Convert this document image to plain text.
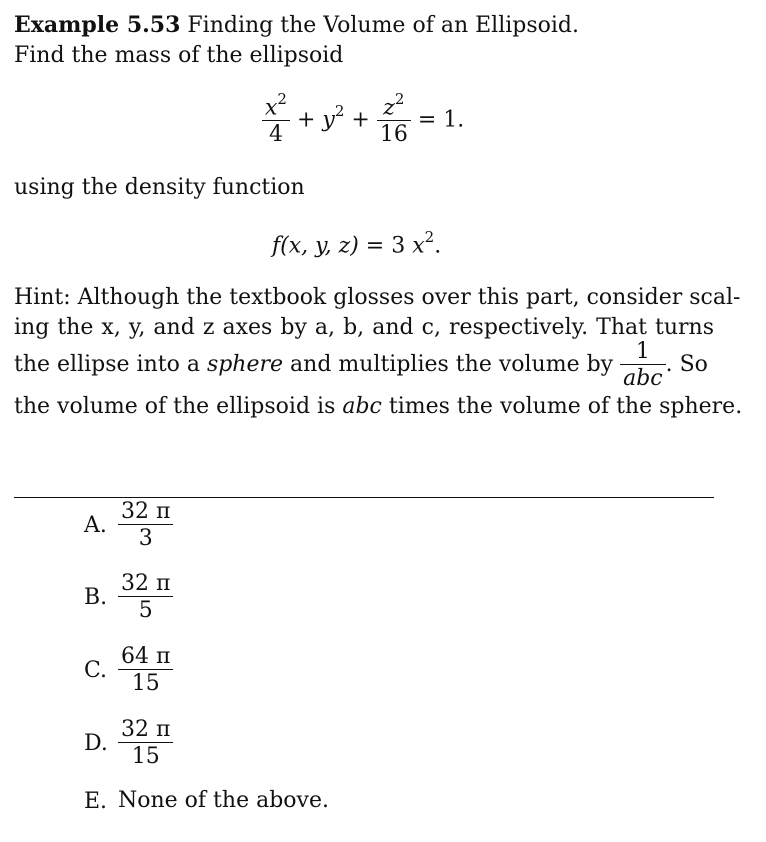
Example 5.53 Finding the Volume of an Ellipsoid.
Find the mass of the ellipsoid
$\frac{x^2}{4} + y^2 + \frac{z^2}{16} = 1$.
using the density function
f(x, y, z) = 3 $x^2$.
Hint: Although the textbook glosses over this part, consider scal-
ing the x, y, and z axes by a, b, and c, respectively. That turns
the ellipse into a sphere and multiplies the volume by $\frac{1}{\text{abc}}$ . So
the volume of the ellipsoid is abc times the volume of the sphere.
A. $\frac{32 \pi}{3}$
B. $\frac{32 \pi}{5}$
C. $\frac{64 \pi}{15}$
D. $\frac{32 \pi}{15}$
E. None of the above.
